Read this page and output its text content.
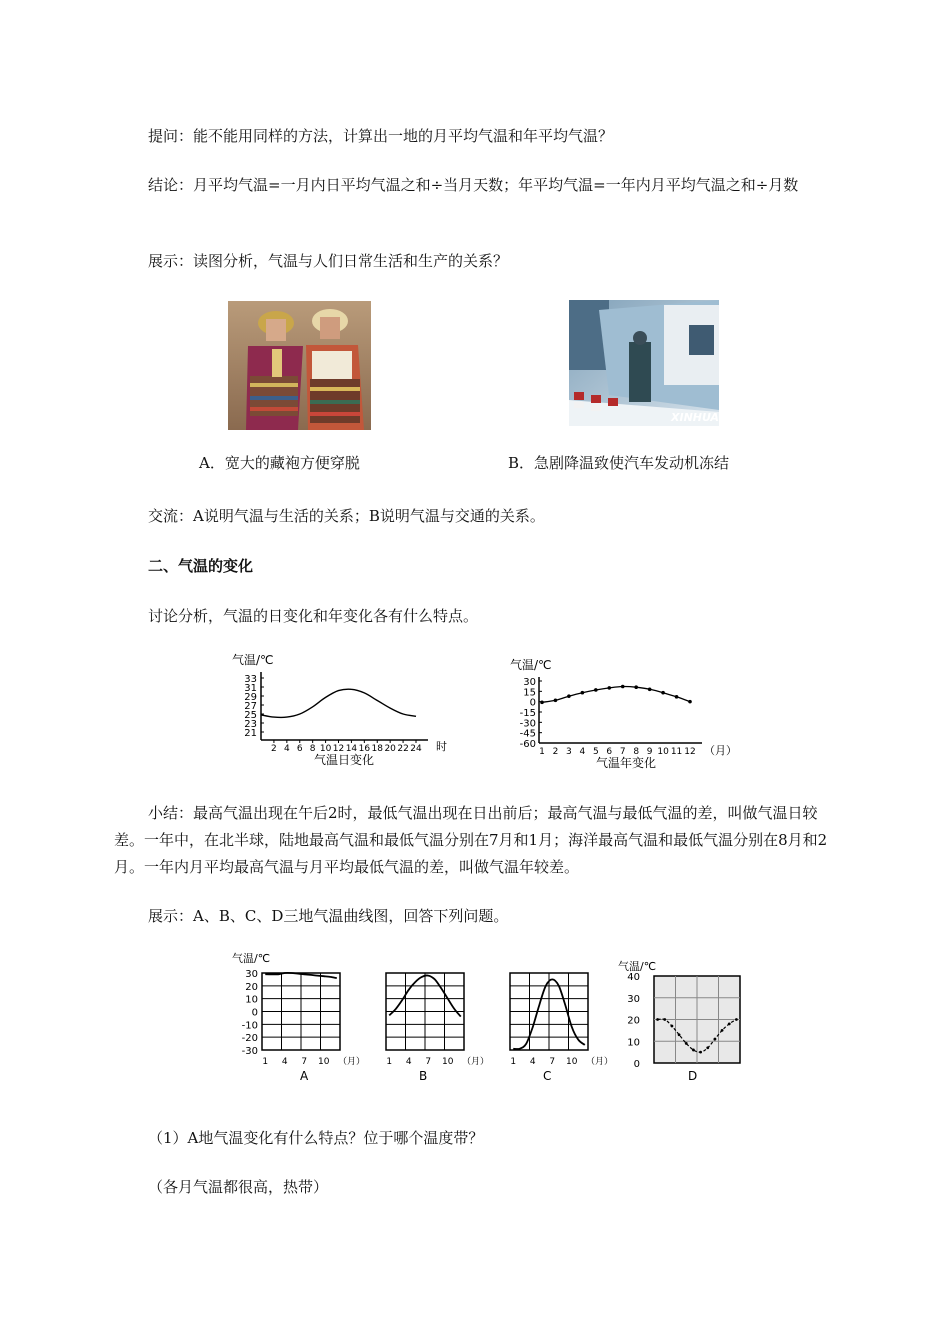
提问：能不能用同样的方法，计算出一地的月平均气温和年平均气温？

结论：月平均气温=一月内日平均气温之和÷当月天数；年平均气温=一年内月平均气温之和÷月数

展示：读图分析，气温与人们日常生活和生产的关系？

A．宽大的藏袍方便穿脱
XINHUA
B．急剧降温致使汽车发动机冻结

交流：A说明气温与生活的关系；B说明气温与交通的关系。

二、气温的变化

讨论分析，气温的日变化和年变化各有什么特点。

气温/℃
33
31
29
27
25
23
21
2 4 6 8 10 12 14 16 18 20 22 24 时
气温日变化
气温/℃
30
15
0
-15
-30
-45
-60
1 2 3 4 5 6 7 8 9 10 11 12 （月）
气温年变化

小结：最高气温出现在午后2时，最低气温出现在日出前后；最高气温与最低气温的差，叫做气温日较差。一年中，在北半球，陆地最高气温和最低气温分别在7月和1月；海洋最高气温和最低气温分别在8月和2月。一年内月平均最高气温与月平均最低气温的差，叫做气温年较差。

展示：A、B、C、D三地气温曲线图，回答下列问题。

气温/℃
30
20
10
0
-10
-20
-30
1 4 7 10 （月） 1 4 7 10 （月） 1 4 7 10 （月）
气温/℃
40
30
20
10
0
A	B	C	D

（1）A地气温变化有什么特点？位于哪个温度带？

（各月气温都很高，热带）
